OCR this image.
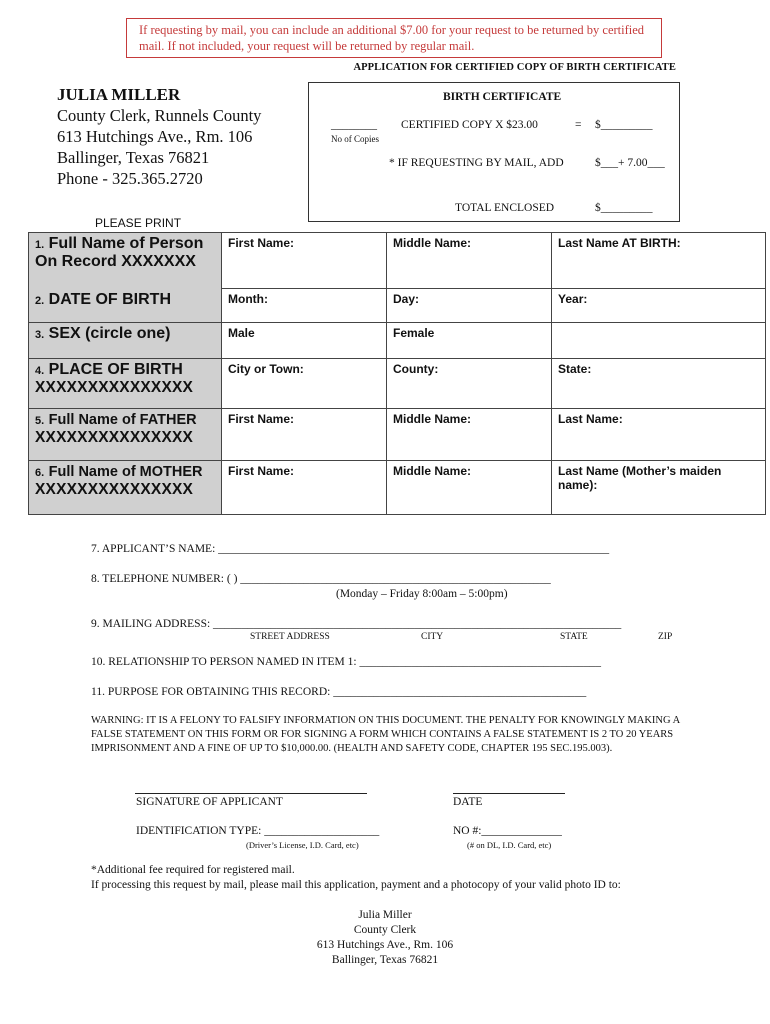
If requesting by mail, you can include an additional $7.00 for your request to be returned by certified mail. If not included, your request will be returned by regular mail.
APPLICATION FOR CERTIFIED COPY OF BIRTH CERTIFICATE
JULIA MILLER
County Clerk, Runnels County
613 Hutchings Ave., Rm. 106
Ballinger, Texas 76821
Phone - 325.365.2720
BIRTH CERTIFICATE
________
No of Copies
CERTIFIED COPY X $23.00	= $_________
* IF REQUESTING BY MAIL, ADD	$___+ 7.00___
TOTAL ENCLOSED	$_________
PLEASE PRINT
1. Full Name of Person
On Record XXXXXXX	First Name:	Middle Name:	Last Name AT BIRTH:
2. DATE OF BIRTH	Month:	Day:	Year:
3. SEX (circle one)	Male	Female	
4. PLACE OF BIRTH
XXXXXXXXXXXXXXX	City or Town:	County:	State:
5. Full Name of FATHER
XXXXXXXXXXXXXXX	First Name:	Middle Name:	Last Name:
6. Full Name of MOTHER
XXXXXXXXXXXXXXX	First Name:	Middle Name:	Last Name (Mother’s maiden name):
7. APPLICANT’S NAME: ____________________________________________________________________
8. TELEPHONE NUMBER: ( ) ______________________________________________________
(Monday – Friday 8:00am – 5:00pm)
9. MAILING ADDRESS: _______________________________________________________________________
STREET ADDRESS	CITY	STATE	ZIP
10. RELATIONSHIP TO PERSON NAMED IN ITEM 1: __________________________________________
11. PURPOSE FOR OBTAINING THIS RECORD: ____________________________________________
WARNING: IT IS A FELONY TO FALSIFY INFORMATION ON THIS DOCUMENT. THE PENALTY FOR KNOWINGLY MAKING A FALSE STATEMENT ON THIS FORM OR FOR SIGNING A FORM WHICH CONTAINS A FALSE STATEMENT IS 2 TO 20 YEARS IMPRISONMENT AND A FINE OF UP TO $10,000.00. (HEALTH AND SAFETY CODE, CHAPTER 195 SEC.195.003).
SIGNATURE OF APPLICANT	DATE
IDENTIFICATION TYPE: ____________________
(Driver’s License, I.D. Card, etc)
NO #:______________
(# on DL, I.D. Card, etc)
*Additional fee required for registered mail.
If processing this request by mail, please mail this application, payment and a photocopy of your valid photo ID to:
Julia Miller
County Clerk
613 Hutchings Ave., Rm. 106
Ballinger, Texas 76821
